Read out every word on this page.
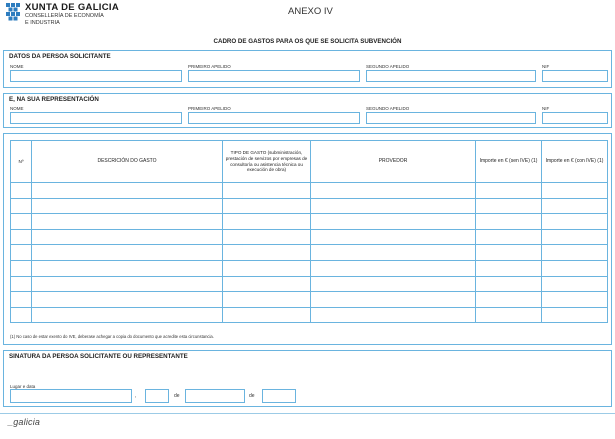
XUNTA DE GALICIA
CONSELLERÍA DE ECONOMÍA
E INDUSTRIA
ANEXO IV
CADRO DE GASTOS PARA OS QUE SE SOLICITA SUBVENCIÓN
DATOS DA PERSOA SOLICITANTE
NOME	PRIMEIRO APELIDO	SEGUNDO APELIDO	NIF
E, NA SUA REPRESENTACIÓN
NOME	PRIMEIRO APELIDO	SEGUNDO APELIDO	NIF
Nº	DESCRICIÓN DO GASTO	TIPO DE GASTO (subministración, prestación de servizos por empresas de consultoría ou asistencia técnica ou execución de obra)	PROVEDOR	Importe en € (sen IVE) (1)	Importe en € (con IVE) (1)

(1) No caso de estar exento do IVE, deberase achegar a copia do documento que acredite esta circunstancia.
SINATURA DA PERSOA SOLICITANTE OU REPRESENTANTE
Lugar e data
,	de	de
_galicia
